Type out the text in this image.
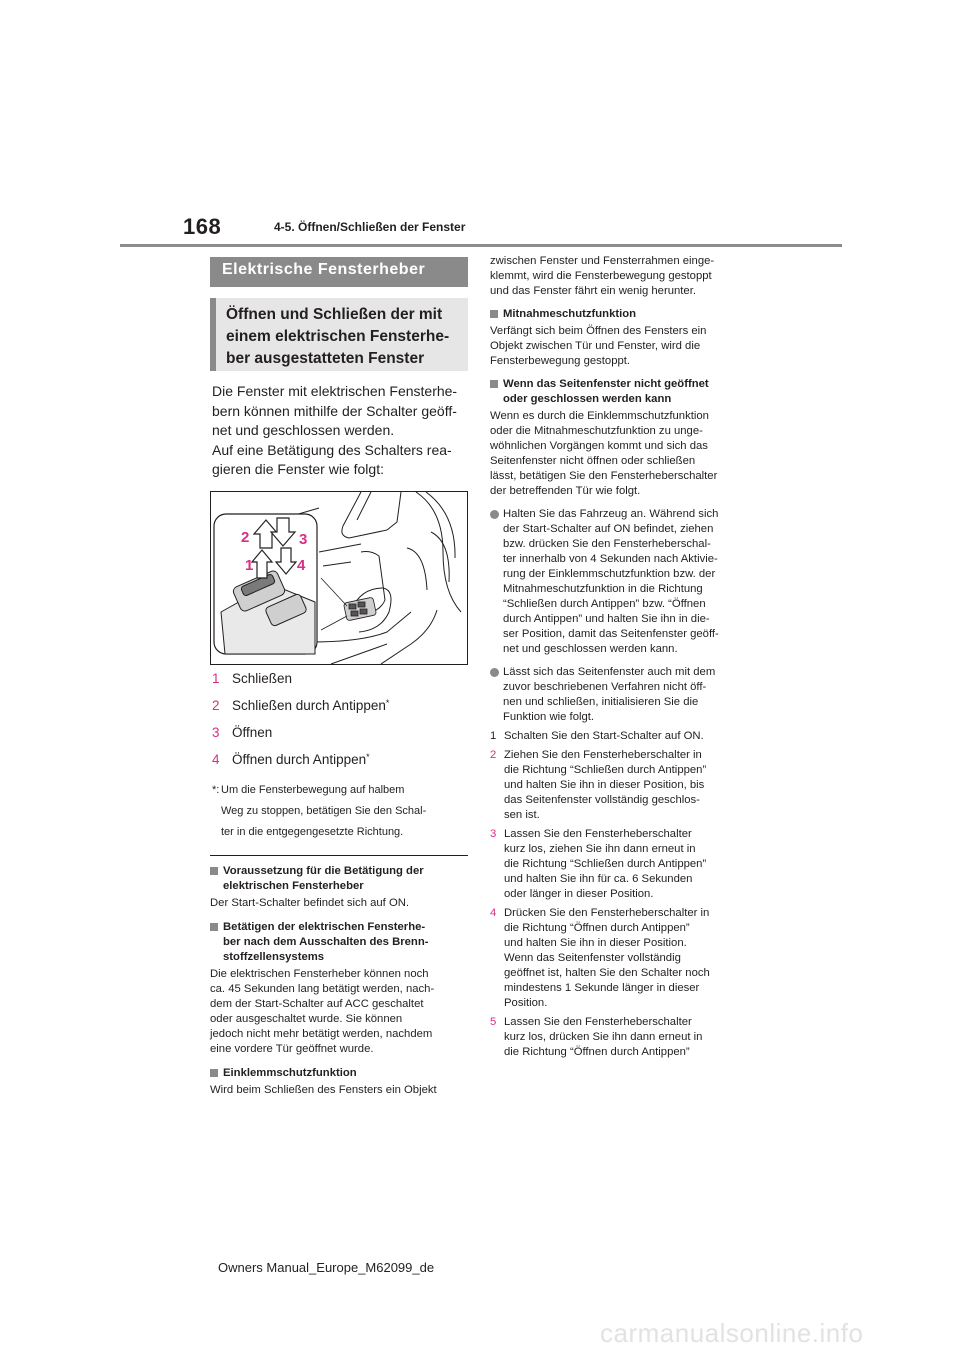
168	4-5. Öffnen/Schließen der Fenster
Elektrische Fensterheber
Öffnen und Schließen der mit
einem elektrischen Fensterhe-
ber ausgestatteten Fenster
Die Fenster mit elektrischen Fensterhe-
bern können mithilfe der Schalter geöff-
net und geschlossen werden.
Auf eine Betätigung des Schalters rea-
gieren die Fenster wie folgt:
2	3
1	4
1 Schließen
2 Schließen durch Antippen *
3 Öffnen
4 Öffnen durch Antippen *
*: Um die Fensterbewegung auf halbem
Weg zu stoppen, betätigen Sie den Schal-
ter in die entgegengesetzte Richtung.
Voraussetzung für die Betätigung der
elektrischen Fensterheber
Der Start-Schalter befindet sich auf ON.
Betätigen der elektrischen Fensterhe-
ber nach dem Ausschalten des Brenn-
stoffzellensystems
Die elektrischen Fensterheber können noch
ca. 45 Sekunden lang betätigt werden, nach-
dem der Start-Schalter auf ACC geschaltet
oder ausgeschaltet wurde. Sie können
jedoch nicht mehr betätigt werden, nachdem
eine vordere Tür geöffnet wurde.
Einklemmschutzfunktion
Wird beim Schließen des Fensters ein Objekt
zwischen Fenster und Fensterrahmen einge-
klemmt, wird die Fensterbewegung gestoppt
und das Fenster fährt ein wenig herunter.
Mitnahmeschutzfunktion
Verfängt sich beim Öffnen des Fensters ein
Objekt zwischen Tür und Fenster, wird die
Fensterbewegung gestoppt.
Wenn das Seitenfenster nicht geöffnet
oder geschlossen werden kann
Wenn es durch die Einklemmschutzfunktion
oder die Mitnahmeschutzfunktion zu unge-
wöhnlichen Vorgängen kommt und sich das
Seitenfenster nicht öffnen oder schließen
lässt, betätigen Sie den Fensterheberschalter
der betreffenden Tür wie folgt.
Halten Sie das Fahrzeug an. Während sich
der Start-Schalter auf ON befindet, ziehen
bzw. drücken Sie den Fensterheberschal-
ter innerhalb von 4 Sekunden nach Aktivie-
rung der Einklemmschutzfunktion bzw. der
Mitnahmeschutzfunktion in die Richtung
“Schließen durch Antippen” bzw. “Öffnen
durch Antippen” und halten Sie ihn in die-
ser Position, damit das Seitenfenster geöff-
net und geschlossen werden kann.
Lässt sich das Seitenfenster auch mit dem
zuvor beschriebenen Verfahren nicht öff-
nen und schließen, initialisieren Sie die
Funktion wie folgt.
1 Schalten Sie den Start-Schalter auf ON.
2 Ziehen Sie den Fensterheberschalter in
die Richtung “Schließen durch Antippen”
und halten Sie ihn in dieser Position, bis
das Seitenfenster vollständig geschlos-
sen ist.
3 Lassen Sie den Fensterheberschalter
kurz los, ziehen Sie ihn dann erneut in
die Richtung “Schließen durch Antippen”
und halten Sie ihn für ca. 6 Sekunden
oder länger in dieser Position.
4 Drücken Sie den Fensterheberschalter in
die Richtung “Öffnen durch Antippen”
und halten Sie ihn in dieser Position.
Wenn das Seitenfenster vollständig
geöffnet ist, halten Sie den Schalter noch
mindestens 1 Sekunde länger in dieser
Position.
5 Lassen Sie den Fensterheberschalter
kurz los, drücken Sie ihn dann erneut in
die Richtung “Öffnen durch Antippen”
Owners Manual_Europe_M62099_de
carmanualsonline.info
